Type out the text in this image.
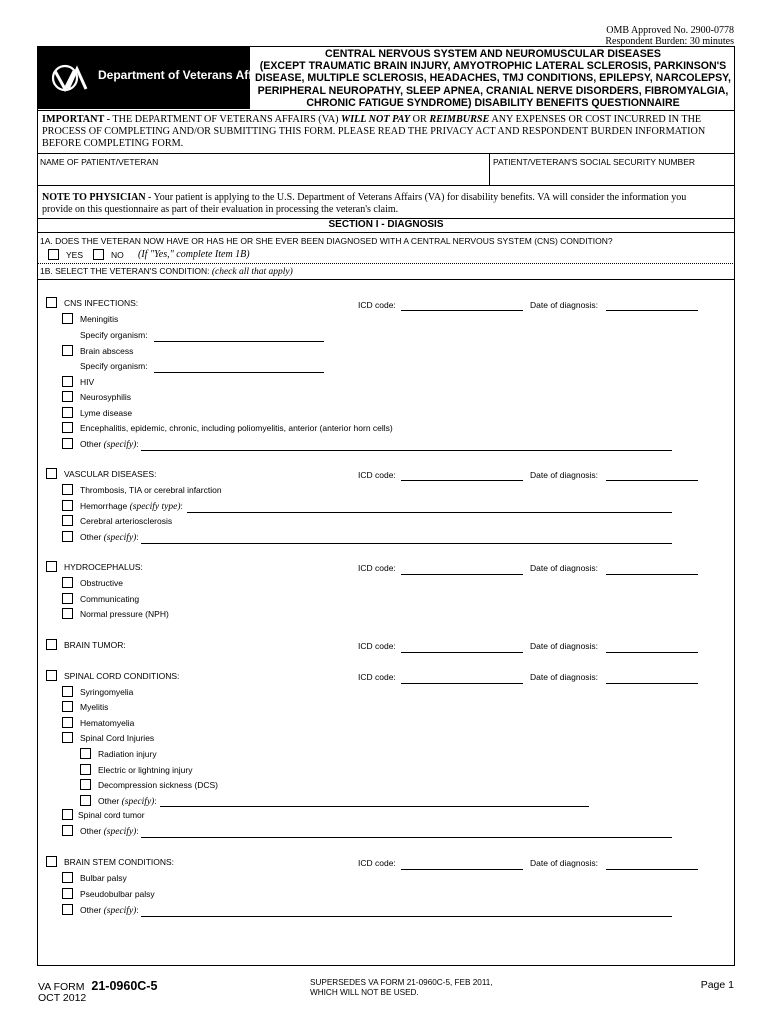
OMB Approved No. 2900-0778
Respondent Burden: 30 minutes
Department of Veterans Affairs
CENTRAL NERVOUS SYSTEM AND NEUROMUSCULAR DISEASES
(EXCEPT TRAUMATIC BRAIN INJURY, AMYOTROPHIC LATERAL SCLEROSIS, PARKINSON'S
DISEASE, MULTIPLE SCLEROSIS, HEADACHES, TMJ CONDITIONS, EPILEPSY, NARCOLEPSY,
PERIPHERAL NEUROPATHY, SLEEP APNEA, CRANIAL NERVE DISORDERS, FIBROMYALGIA,
CHRONIC FATIGUE SYNDROME) DISABILITY BENEFITS QUESTIONNAIRE
IMPORTANT - THE DEPARTMENT OF VETERANS AFFAIRS (VA) WILL NOT PAY OR REIMBURSE ANY EXPENSES OR COST INCURRED IN THE
PROCESS OF COMPLETING AND/OR SUBMITTING THIS FORM. PLEASE READ THE PRIVACY ACT AND RESPONDENT BURDEN INFORMATION
BEFORE COMPLETING FORM.
NAME OF PATIENT/VETERAN	PATIENT/VETERAN'S SOCIAL SECURITY NUMBER
NOTE TO PHYSICIAN - Your patient is applying to the U.S. Department of Veterans Affairs (VA) for disability benefits. VA will consider the information you
provide on this questionnaire as part of their evaluation in processing the veteran's claim.
SECTION I - DIAGNOSIS
1A. DOES THE VETERAN NOW HAVE OR HAS HE OR SHE EVER BEEN DIAGNOSED WITH A CENTRAL NERVOUS SYSTEM (CNS) CONDITION?
YES	NO (If "Yes," complete Item 1B)
1B. SELECT THE VETERAN'S CONDITION: (check all that apply)
CNS INFECTIONS:	ICD code:	Date of diagnosis:
Meningitis
Specify organism:
Brain abscess
Specify organism:
HIV
Neurosyphilis
Lyme disease
Encephalitis, epidemic, chronic, including poliomyelitis, anterior (anterior horn cells)
Other (specify):
VASCULAR DISEASES:	ICD code:	Date of diagnosis:
Thrombosis, TIA or cerebral infarction
Hemorrhage (specify type):
Cerebral arteriosclerosis
Other (specify):
HYDROCEPHALUS:	ICD code:	Date of diagnosis:
Obstructive
Communicating
Normal pressure (NPH)
BRAIN TUMOR:	ICD code:	Date of diagnosis:
SPINAL CORD CONDITIONS:	ICD code:	Date of diagnosis:
Syringomyelia
Myelitis
Hematomyelia
Spinal Cord Injuries
Radiation injury
Electric or lightning injury
Decompression sickness (DCS)
Other (specify):
Spinal cord tumor
Other (specify):
BRAIN STEM CONDITIONS:	ICD code:	Date of diagnosis:
Bulbar palsy
Pseudobulbar palsy
Other (specify):
VA FORM 21-0960C-5
OCT 2012
SUPERSEDES VA FORM 21-0960C-5, FEB 2011,
WHICH WILL NOT BE USED.
Page 1
